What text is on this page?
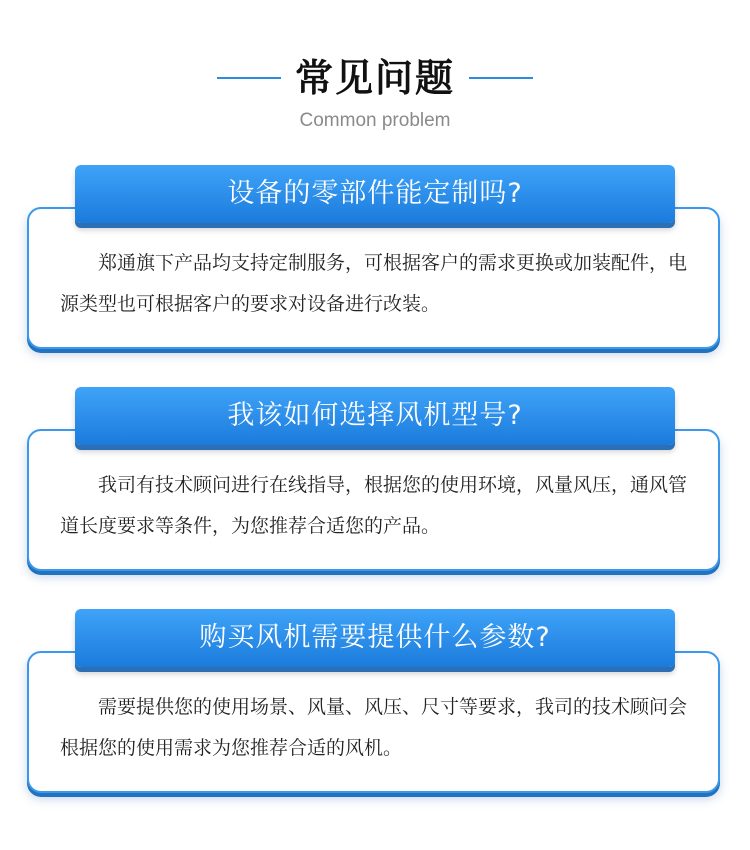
常见问题
Common problem

郑通旗下产品均支持定制服务，可根据客户的需求更换或加装配件，电源类型也可根据客户的要求对设备进行改装。

设备的零部件能定制吗?

我司有技术顾问进行在线指导，根据您的使用环境，风量风压，通风管道长度要求等条件，为您推荐合适您的产品。

我该如何选择风机型号?

需要提供您的使用场景、风量、风压、尺寸等要求，我司的技术顾问会根据您的使用需求为您推荐合适的风机。

购买风机需要提供什么参数?
